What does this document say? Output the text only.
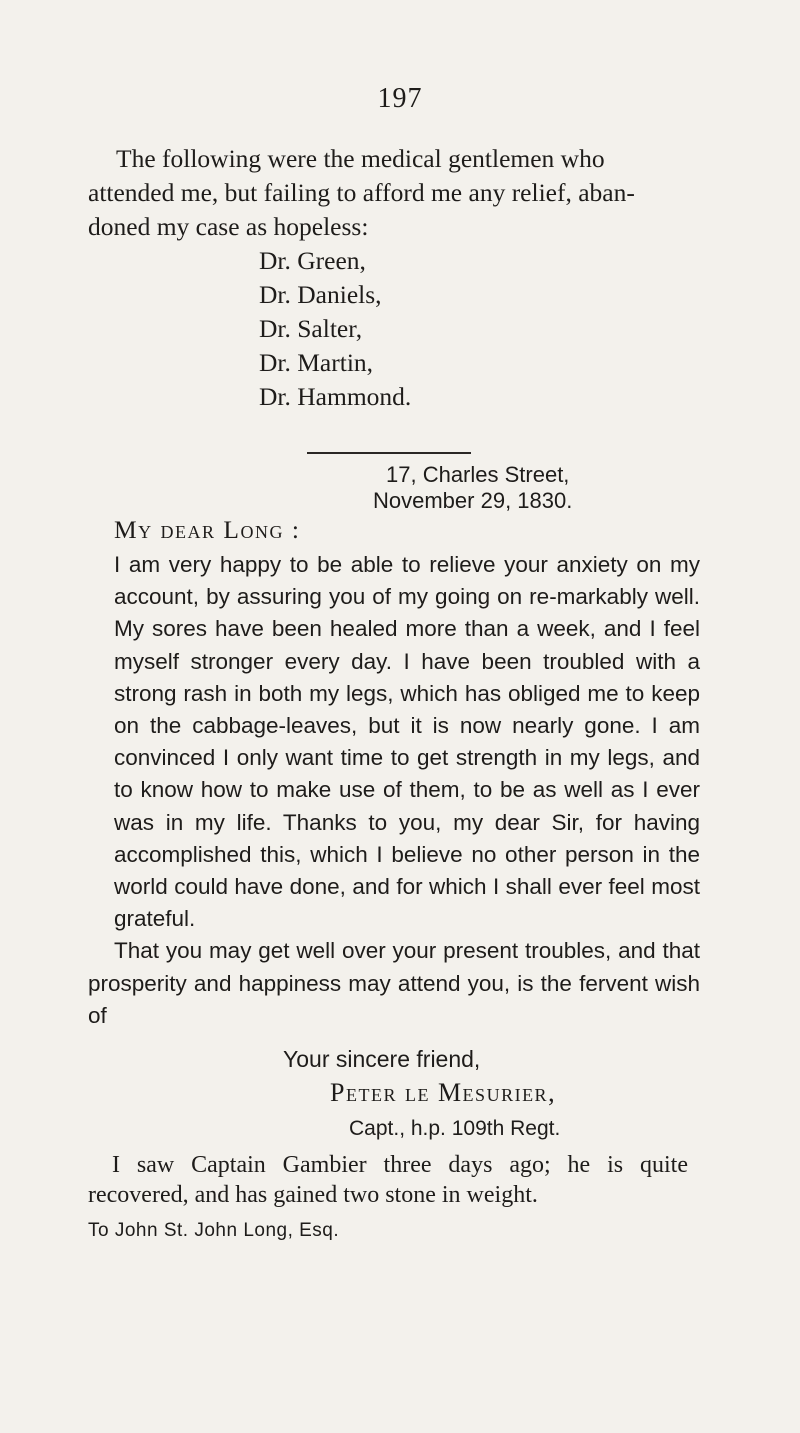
197
The following were the medical gentlemen who
attended me, but failing to afford me any relief, aban-
doned my case as hopeless:
Dr. Green,
Dr. Daniels,
Dr. Salter,
Dr. Martin,
Dr. Hammond.
17, Charles Street,
November 29, 1830.
My dear Long :

I am very happy to be able to relieve your anxiety on my account, by assuring you of my going on re-markably well. My sores have been healed more than a week, and I feel myself stronger every day. I have been troubled with a strong rash in both my legs, which has obliged me to keep on the cabbage-leaves, but it is now nearly gone. I am convinced I only want time to get strength in my legs, and to know how to make use of them, to be as well as I ever was in my life. Thanks to you, my dear Sir, for having accomplished this, which I believe no other person in the world could have done, and for which I shall ever feel most grateful.

That you may get well over your present troubles, and that prosperity and happiness may attend you, is the fervent wish of

Your sincere friend,
Peter le Mesurier,
Capt., h.p. 109th Regt.

I saw Captain Gambier three days ago; he is quite recovered, and has gained two stone in weight.

To John St. John Long, Esq.
